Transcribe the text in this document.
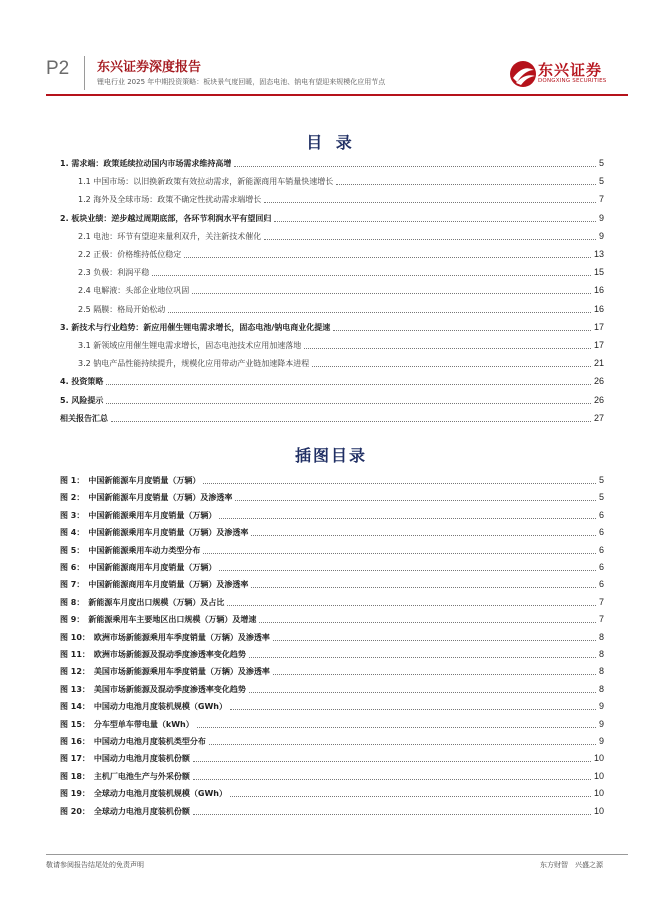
P2 东兴证券深度报告
锂电行业 2025 年中期投资策略：板块景气度回暖，固态电池、钠电有望迎来规模化应用节点
东兴证券
DONGXING SECURITIES
目 录
1. 需求端：政策延续拉动国内市场需求维持高增	5
1.1 中国市场：以旧换新政策有效拉动需求，新能源商用车销量快速增长	5
1.2 海外及全球市场：政策不确定性扰动需求端增长	7
2. 板块业绩：逆步越过周期底部，各环节利润水平有望回归	9
2.1 电池：环节有望迎来量利双升，关注新技术催化	9
2.2 正极：价格维持低位稳定	13
2.3 负极：利润平稳	15
2.4 电解液：头部企业地位巩固	16
2.5 隔膜：格局开始松动	16
3. 新技术与行业趋势：新应用催生锂电需求增长，固态电池/钠电商业化提速	17
3.1 新领域应用催生锂电需求增长，固态电池技术应用加速落地	17
3.2 钠电产品性能持续提升，规模化应用带动产业链加速降本进程	21
4. 投资策略	26
5. 风险提示	26
相关报告汇总	27
插图目录
图 1：　中国新能源车月度销量（万辆）	5
图 2：　中国新能源车月度销量（万辆）及渗透率	5
图 3：　中国新能源乘用车月度销量（万辆）	6
图 4：　中国新能源乘用车月度销量（万辆）及渗透率	6
图 5：　中国新能源乘用车动力类型分布	6
图 6：　中国新能源商用车月度销量（万辆）	6
图 7：　中国新能源商用车月度销量（万辆）及渗透率	6
图 8：　新能源车月度出口规模（万辆）及占比	7
图 9：　新能源乘用车主要地区出口规模（万辆）及增速	7
图 10：　欧洲市场新能源乘用车季度销量（万辆）及渗透率	8
图 11：　欧洲市场新能源及混动季度渗透率变化趋势	8
图 12：　美国市场新能源乘用车季度销量（万辆）及渗透率	8
图 13：　美国市场新能源及混动季度渗透率变化趋势	8
图 14：　中国动力电池月度装机规模（GWh）	9
图 15：　分车型单车带电量（kWh）	9
图 16：　中国动力电池月度装机类型分布	9
图 17：　中国动力电池月度装机份额	10
图 18：　主机厂电池生产与外采份额	10
图 19：　全球动力电池月度装机规模（GWh）	10
图 20：　全球动力电池月度装机份额	10
敬请参阅报告结尾处的免责声明	东方财智　兴盛之源
